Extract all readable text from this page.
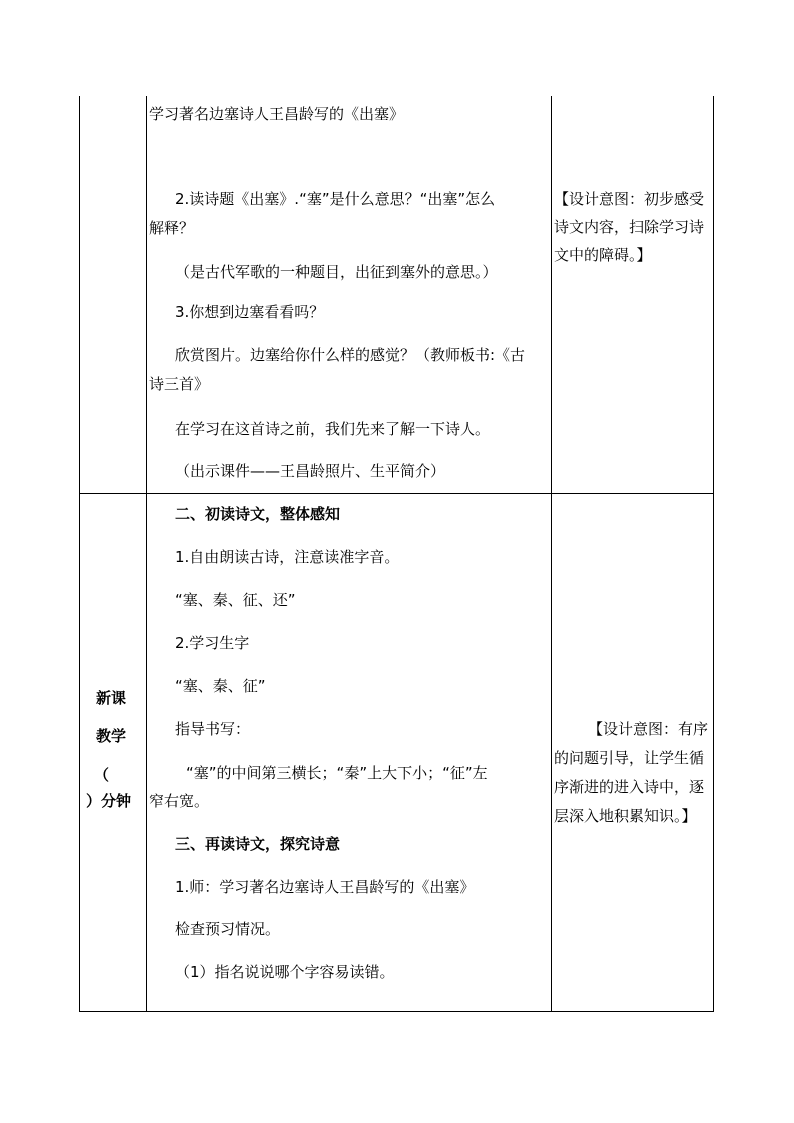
学习著名边塞诗人王昌龄写的《出塞》
2.读诗题《出塞》.“塞”是什么意思？“出塞”怎么
解释？
（是古代军歌的一种题目，出征到塞外的意思。）
3.你想到边塞看看吗？
欣赏图片。边塞给你什么样的感觉？（教师板书:《古
诗三首》
在学习在这首诗之前，我们先来了解一下诗人。
（出示课件——王昌龄照片、生平简介）
【设计意图：初步感受
诗文内容，扫除学习诗
文中的障碍。】
新课
教学
（
）分钟
二、初读诗文，整体感知
1.自由朗读古诗，注意读准字音。
“塞、秦、征、还”
2.学习生字
“塞、秦、征”
指导书写：
“塞”的中间第三横长；“秦”上大下小；“征”左
窄右宽。
三、再读诗文，探究诗意
1.师：学习著名边塞诗人王昌龄写的《出塞》
检查预习情况。
（1）指名说说哪个字容易读错。
【设计意图：有序
的问题引导，让学生循
序渐进的进入诗中，逐
层深入地积累知识。】
